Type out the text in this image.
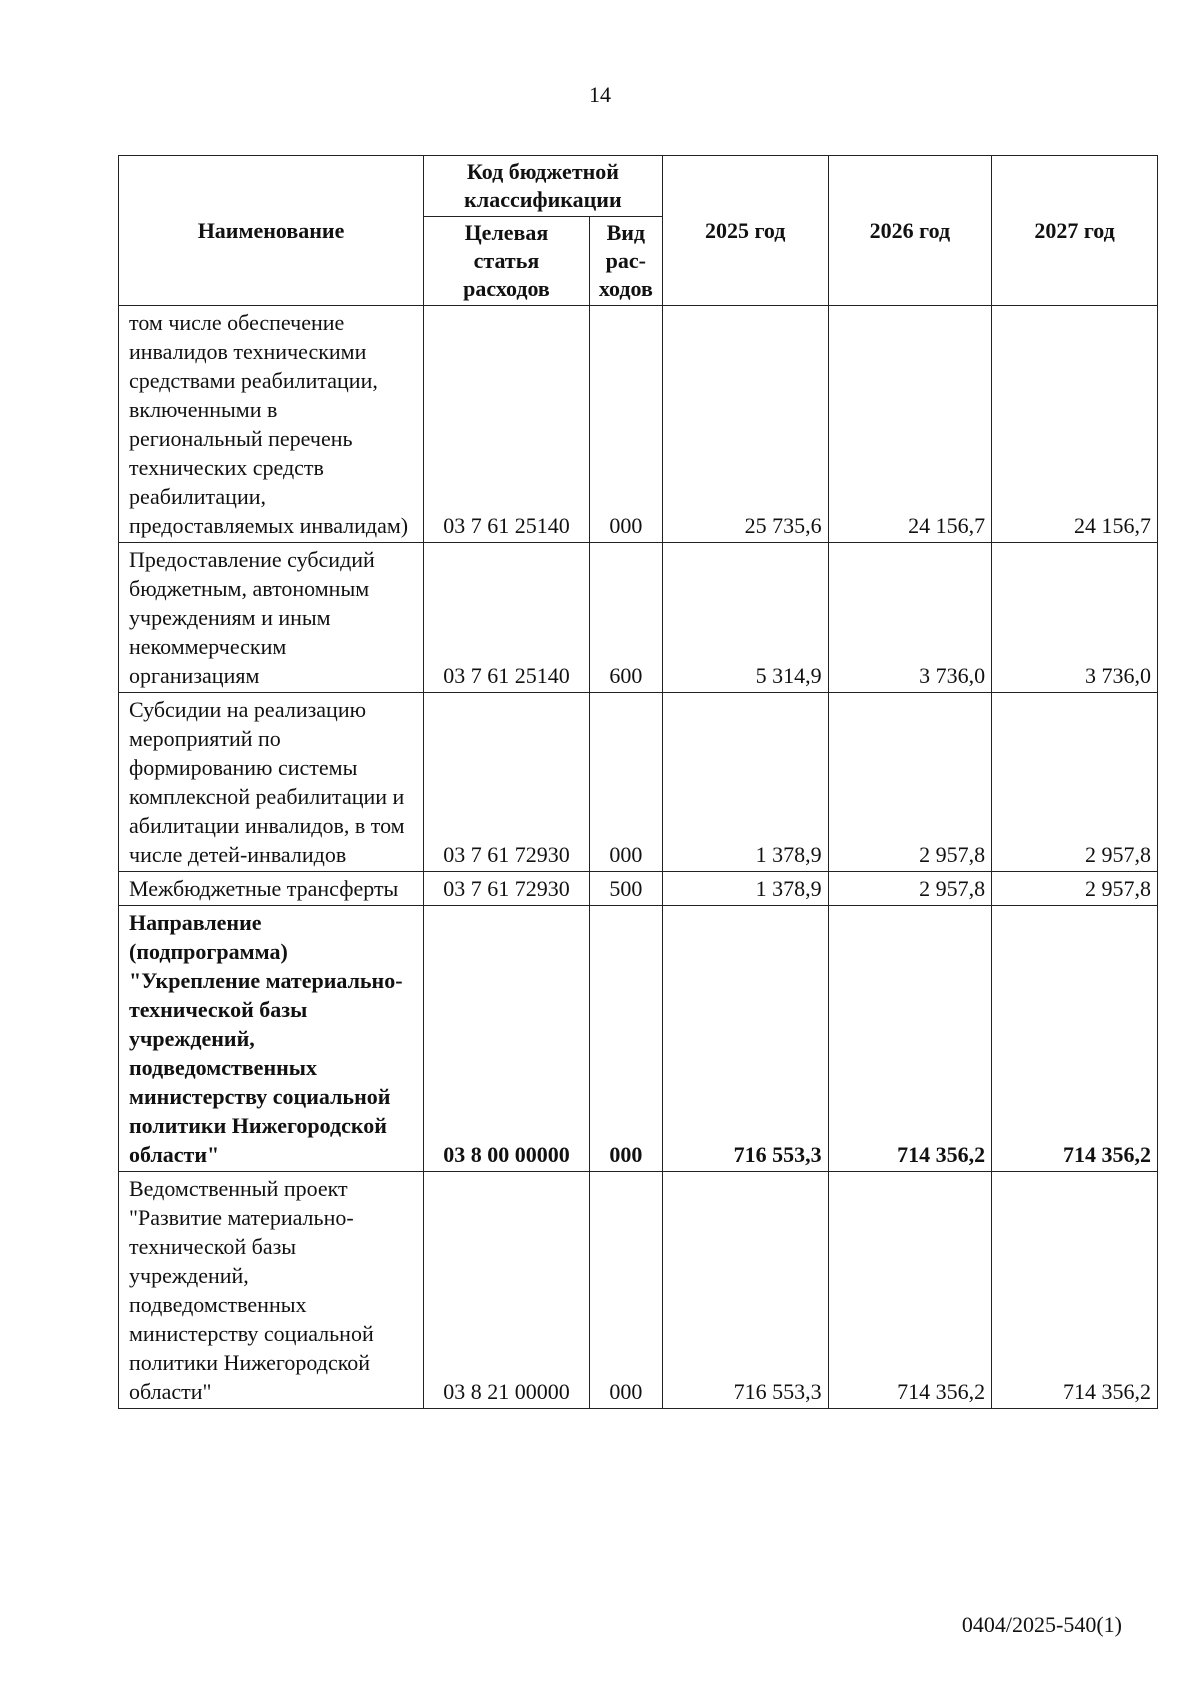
14
Наименование	Код бюджетной классификации		2025 год	2026 год	2027 год
	Целевая статья расходов	Вид рас-ходов			
том числе обеспечение инвалидов техническими средствами реабилитации, включенными в региональный перечень технических средств реабилитации, предоставляемых инвалидам)	03 7 61 25140	000	25 735,6	24 156,7	24 156,7
Предоставление субсидий бюджетным, автономным учреждениям и иным некоммерческим организациям	03 7 61 25140	600	5 314,9	3 736,0	3 736,0
Субсидии на реализацию мероприятий по формированию системы комплексной реабилитации и абилитации инвалидов, в том числе детей-инвалидов	03 7 61 72930	000	1 378,9	2 957,8	2 957,8
Межбюджетные трансферты	03 7 61 72930	500	1 378,9	2 957,8	2 957,8
Направление (подпрограмма) "Укрепление материально-технической базы учреждений, подведомственных министерству социальной политики Нижегородской области"	03 8 00 00000	000	716 553,3	714 356,2	714 356,2
Ведомственный проект "Развитие материально-технической базы учреждений, подведомственных министерству социальной политики Нижегородской области"	03 8 21 00000	000	716 553,3	714 356,2	714 356,2
0404/2025-540(1)
